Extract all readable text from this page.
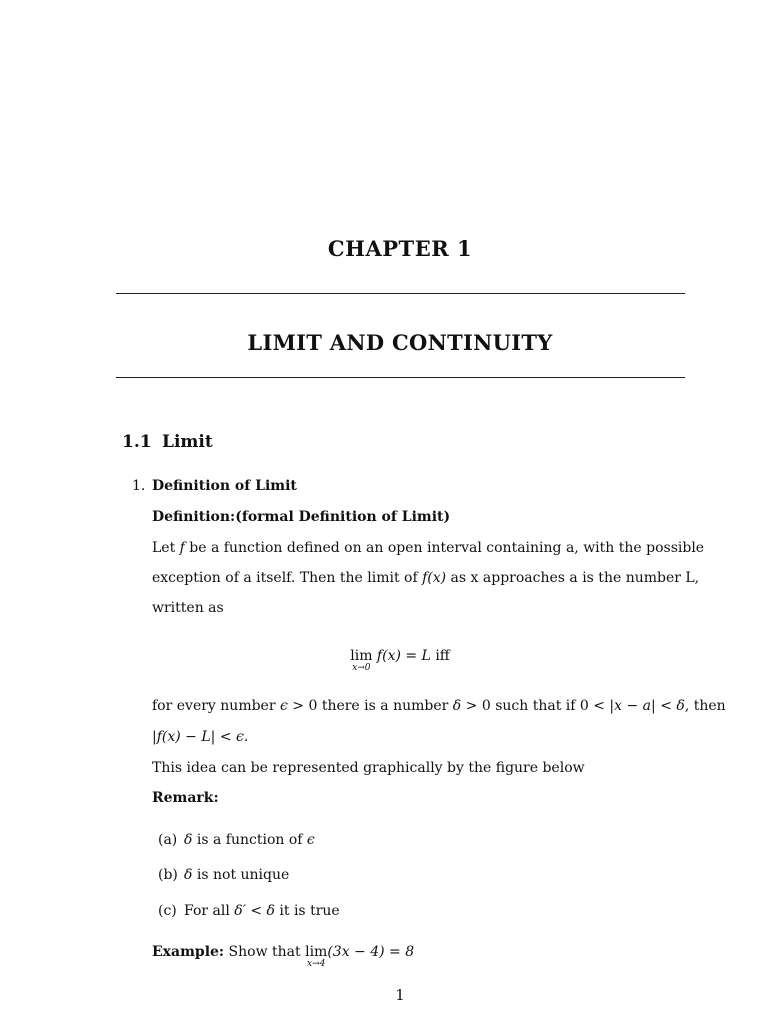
CHAPTER 1
LIMIT AND CONTINUITY
1.1 Limit
1. Definition of Limit
Definition:(formal Definition of Limit)
Let f be a function defined on an open interval containing a, with the possible
exception of a itself. Then the limit of f(x) as x approaches a is the number L,
written as
lim
x→0
f(x) = L iff
for every number ϵ > 0 there is a number δ > 0 such that if 0 < |x − a| < δ, then
|f(x) − L| < ϵ.
This idea can be represented graphically by the figure below
Remark:
(a) δ is a function of ϵ
(b) δ is not unique
(c) For all δ′ < δ it is true
Example: Show that lim
x→4
(3x − 4) = 8
1
